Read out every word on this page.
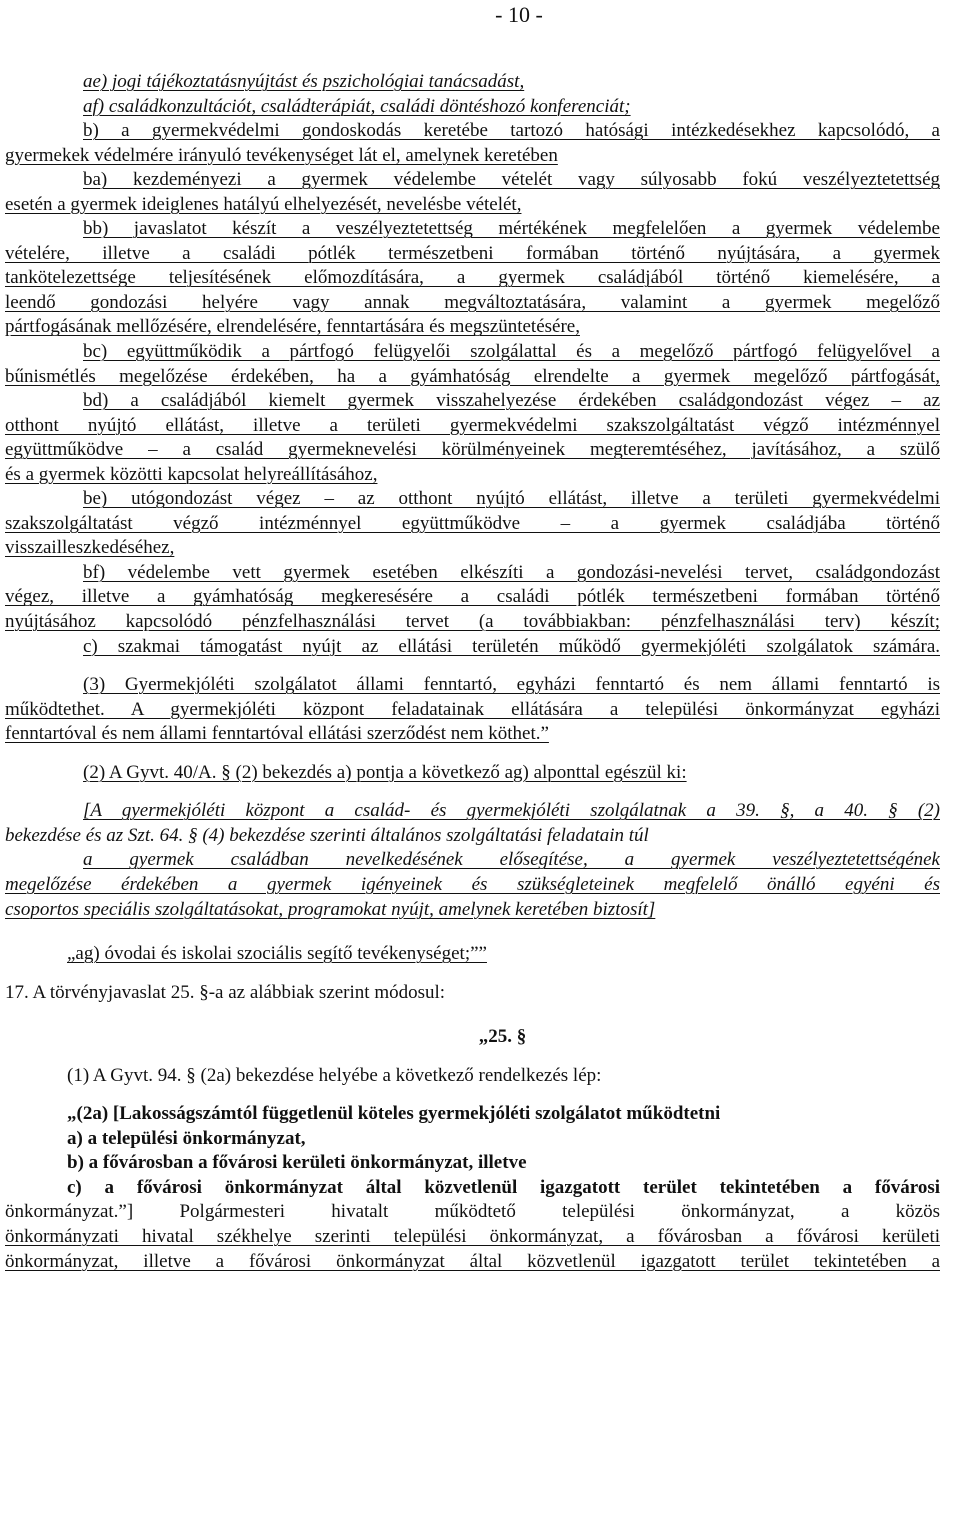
- 10 -
ae) jogi tájékoztatásnyújtást és pszichológiai tanácsadást,
af) családkonzultációt, családterápiát, családi döntéshozó konferenciát;
b) a gyermekvédelmi gondoskodás keretébe tartozó hatósági intézkedésekhez kapcsolódó, a
gyermekek védelmére irányuló tevékenységet lát el, amelynek keretében
ba) kezdeményezi a gyermek védelembe vételét vagy súlyosabb fokú veszélyeztetettség
esetén a gyermek ideiglenes hatályú elhelyezését, nevelésbe vételét,
bb) javaslatot készít a veszélyeztetettség mértékének megfelelően a gyermek védelembe
vételére, illetve a családi pótlék természetbeni formában történő nyújtására, a gyermek
tankötelezettsége teljesítésének előmozdítására, a gyermek családjából történő kiemelésére, a
leendő gondozási helyére vagy annak megváltoztatására, valamint a gyermek megelőző
pártfogásának mellőzésére, elrendelésére, fenntartására és megszüntetésére,
bc) együttműködik a pártfogó felügyelői szolgálattal és a megelőző pártfogó felügyelővel a
bűnismétlés megelőzése érdekében, ha a gyámhatóság elrendelte a gyermek megelőző pártfogását,
bd) a családjából kiemelt gyermek visszahelyezése érdekében családgondozást végez – az
otthont nyújtó ellátást, illetve a területi gyermekvédelmi szakszolgáltatást végző intézménnyel
együttműködve – a család gyermeknevelési körülményeinek megteremtéséhez, javításához, a szülő
és a gyermek közötti kapcsolat helyreállításához,
be) utógondozást végez – az otthont nyújtó ellátást, illetve a területi gyermekvédelmi
szakszolgáltatást végző intézménnyel együttműködve – a gyermek családjába történő
visszailleszkedéséhez,
bf) védelembe vett gyermek esetében elkészíti a gondozási-nevelési tervet, családgondozást
végez, illetve a gyámhatóság megkeresésére a családi pótlék természetbeni formában történő
nyújtásához kapcsolódó pénzfelhasználási tervet (a továbbiakban: pénzfelhasználási terv) készít;
c) szakmai támogatást nyújt az ellátási területén működő gyermekjóléti szolgálatok számára.
(3) Gyermekjóléti szolgálatot állami fenntartó, egyházi fenntartó és nem állami fenntartó is
működtethet. A gyermekjóléti központ feladatainak ellátására a települési önkormányzat egyházi
fenntartóval és nem állami fenntartóval ellátási szerződést nem köthet.”
(2) A Gyvt. 40/A. § (2) bekezdés a) pontja a következő ag) alponttal egészül ki:
[A gyermekjóléti központ a család- és gyermekjóléti szolgálatnak a 39. §, a 40. § (2)
bekezdése és az Szt. 64. § (4) bekezdése szerinti általános szolgáltatási feladatain túl
a gyermek családban nevelkedésének elősegítése, a gyermek veszélyeztetettségének
megelőzése érdekében a gyermek igényeinek és szükségleteinek megfelelő önálló egyéni és
csoportos speciális szolgáltatásokat, programokat nyújt, amelynek keretében biztosít]
„ag) óvodai és iskolai szociális segítő tevékenységet;””
17. A törvényjavaslat 25. §-a az alábbiak szerint módosul:
„25. §
(1) A Gyvt. 94. § (2a) bekezdése helyébe a következő rendelkezés lép:
„(2a) [Lakosságszámtól függetlenül köteles gyermekjóléti szolgálatot működtetni
a) a települési önkormányzat,
b) a fővárosban a fővárosi kerületi önkormányzat, illetve
c) a fővárosi önkormányzat által közvetlenül igazgatott terület tekintetében a fővárosi
önkormányzat.”] Polgármesteri hivatalt működtető települési önkormányzat, a közös
önkormányzati hivatal székhelye szerinti települési önkormányzat, a fővárosban a fővárosi kerületi
önkormányzat, illetve a fővárosi önkormányzat által közvetlenül igazgatott terület tekintetében a
